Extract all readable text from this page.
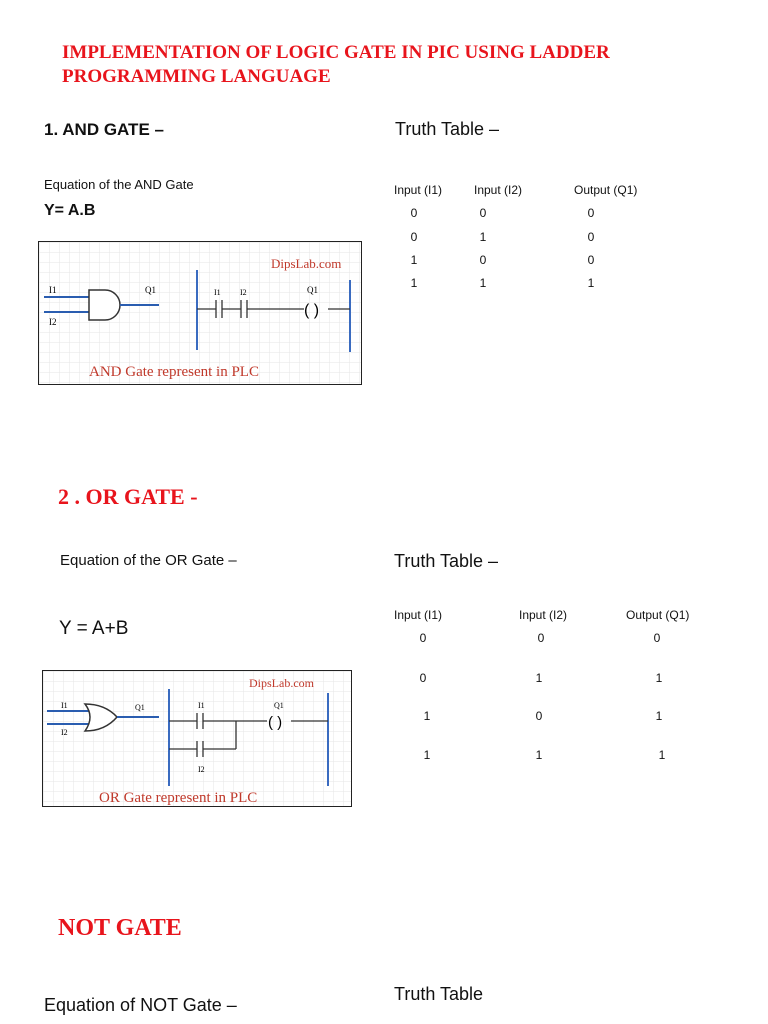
IMPLEMENTATION OF LOGIC GATE IN PIC USING LADDER
PROGRAMMING LANGUAGE
1. AND GATE –	Truth Table –
Equation of the AND Gate
Y= A.B
DipsLab.com
I1
I2
Q1	I1 I2	Q1
( )
AND Gate represent in PLC
Input (I1)	Input (I2)	Output (Q1)
0	0	0
0	1	0
1	0	0
1	1	1
2 . OR GATE -
Equation of the OR Gate –	Truth Table –
Y = A+B
DipsLab.com
I1
I2
Q1	I1
I2
Q1
( )
OR Gate represent in PLC
Input (I1)	Input (I2)	Output (Q1)
0	0	0
0	1	1
1	0	1
1	1	1
NOT GATE
Truth Table
Equation of NOT Gate –
